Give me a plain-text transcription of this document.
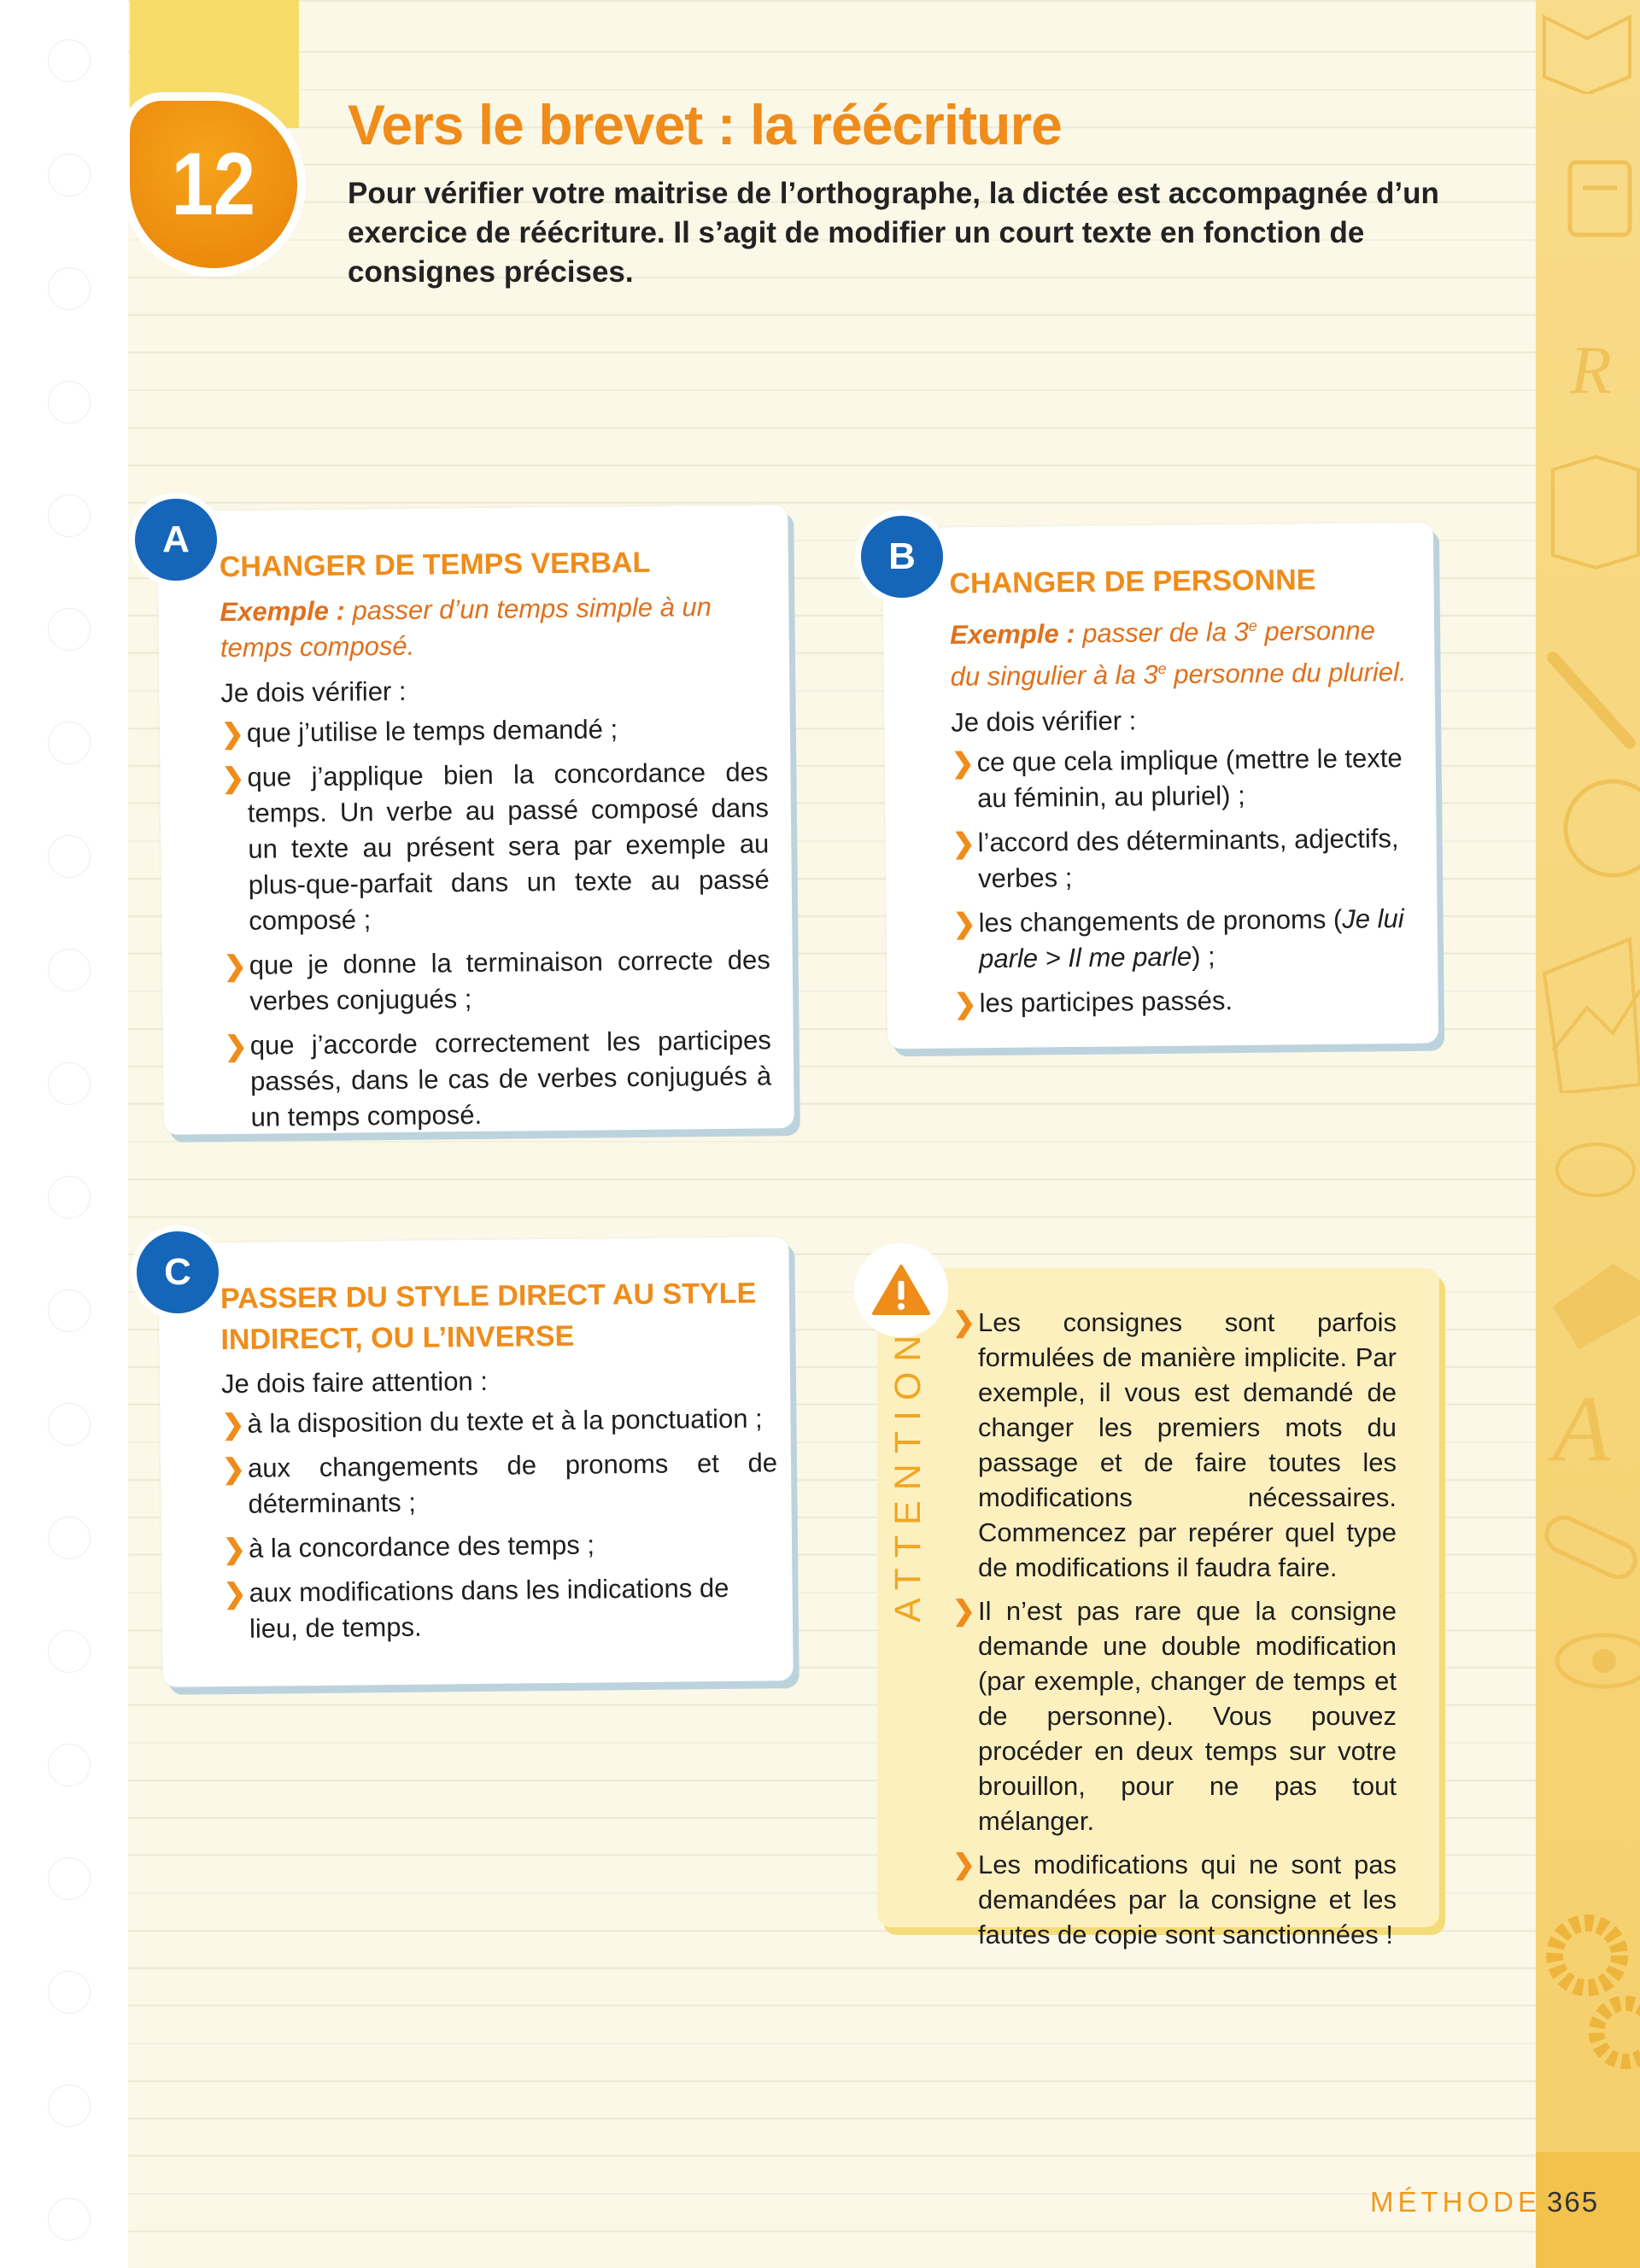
R
A
12
Vers le brevet : la réécriture

Pour vérifier votre maitrise de l’orthographe, la dictée est accompagnée d’un exercice de réécriture. Il s’agit de modifier un court texte en fonction de consignes précises.

CHANGER DE TEMPS VERBAL

Exemple : passer d’un temps simple à un temps composé.

Je dois vérifier :

❯ que j’utilise le temps demandé ;
❯ que j’applique bien la concordance des temps. Un verbe au passé composé dans un texte au présent sera par exemple au plus-que-parfait dans un texte au passé composé ;
❯ que je donne la terminaison correcte des verbes conjugués ;
❯ que j’accorde correctement les participes passés, dans le cas de verbes conjugués à un temps composé.
A
CHANGER DE PERSONNE

Exemple : passer de la 3e personne du singulier à la 3e personne du pluriel.

Je dois vérifier :

❯ ce que cela implique (mettre le texte au féminin, au pluriel) ;
❯ l’accord des déterminants, adjectifs, verbes ;
❯ les changements de pronoms (Je lui parle > Il me parle) ;
❯ les participes passés.
B
PASSER DU STYLE DIRECT AU STYLE
INDIRECT, OU L’INVERSE

Je dois faire attention :

❯ à la disposition du texte et à la ponctuation ;
❯ aux changements de pronoms et de déterminants ;
❯ à la concordance des temps ;
❯ aux modifications dans les indications de lieu, de temps.
C
ATTENTION
❯ Les consignes sont parfois formulées de manière implicite. Par exemple, il vous est demandé de changer les premiers mots du passage et de faire toutes les modifications nécessaires. Commencez par repérer quel type de modifications il faudra faire.
❯ Il n’est pas rare que la consigne demande une double modification (par exemple, changer de temps et de personne). Vous pouvez procéder en deux temps sur votre brouillon, pour ne pas tout mélanger.
❯ Les modifications qui ne sont pas demandées par la consigne et les fautes de copie sont sanctionnées !
MÉTHODE 365
